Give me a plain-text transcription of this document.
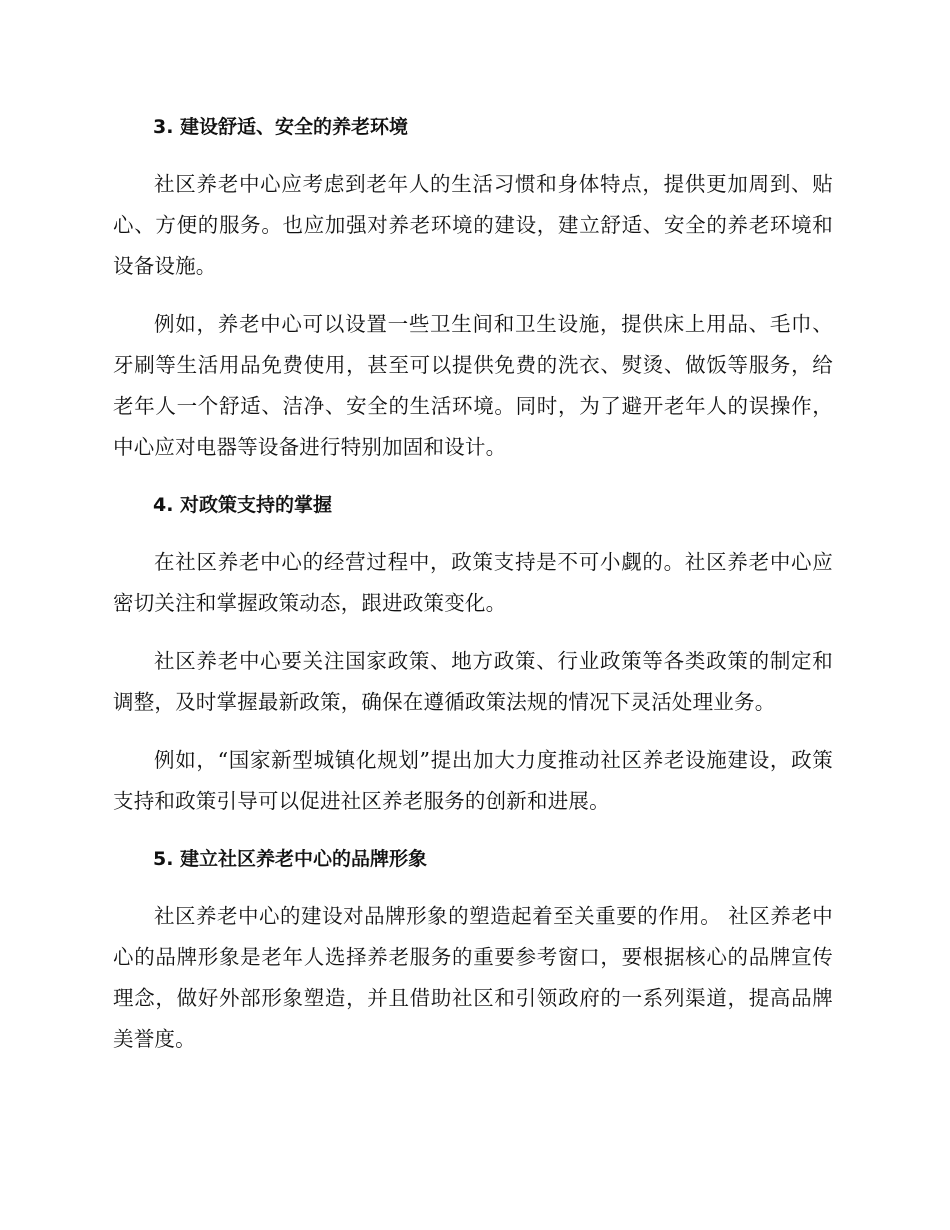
3. 建设舒适、安全的养老环境

社区养老中心应考虑到老年人的生活习惯和身体特点，提供更加周到、贴心、方便的服务。也应加强对养老环境的建设，建立舒适、安全的养老环境和设备设施。

例如，养老中心可以设置一些卫生间和卫生设施，提供床上用品、毛巾、牙刷等生活用品免费使用，甚至可以提供免费的洗衣、熨烫、做饭等服务，给老年人一个舒适、洁净、安全的生活环境。同时，为了避开老年人的误操作，中心应对电器等设备进行特别加固和设计。

4. 对政策支持的掌握

在社区养老中心的经营过程中，政策支持是不可小觑的。社区养老中心应密切关注和掌握政策动态，跟进政策变化。

社区养老中心要关注国家政策、地方政策、行业政策等各类政策的制定和调整，及时掌握最新政策，确保在遵循政策法规的情况下灵活处理业务。

例如，“国家新型城镇化规划”提出加大力度推动社区养老设施建设，政策支持和政策引导可以促进社区养老服务的创新和进展。

5. 建立社区养老中心的品牌形象

社区养老中心的建设对品牌形象的塑造起着至关重要的作用。 社区养老中心的品牌形象是老年人选择养老服务的重要参考窗口，要根据核心的品牌宣传理念，做好外部形象塑造，并且借助社区和引领政府的一系列渠道，提高品牌美誉度。
